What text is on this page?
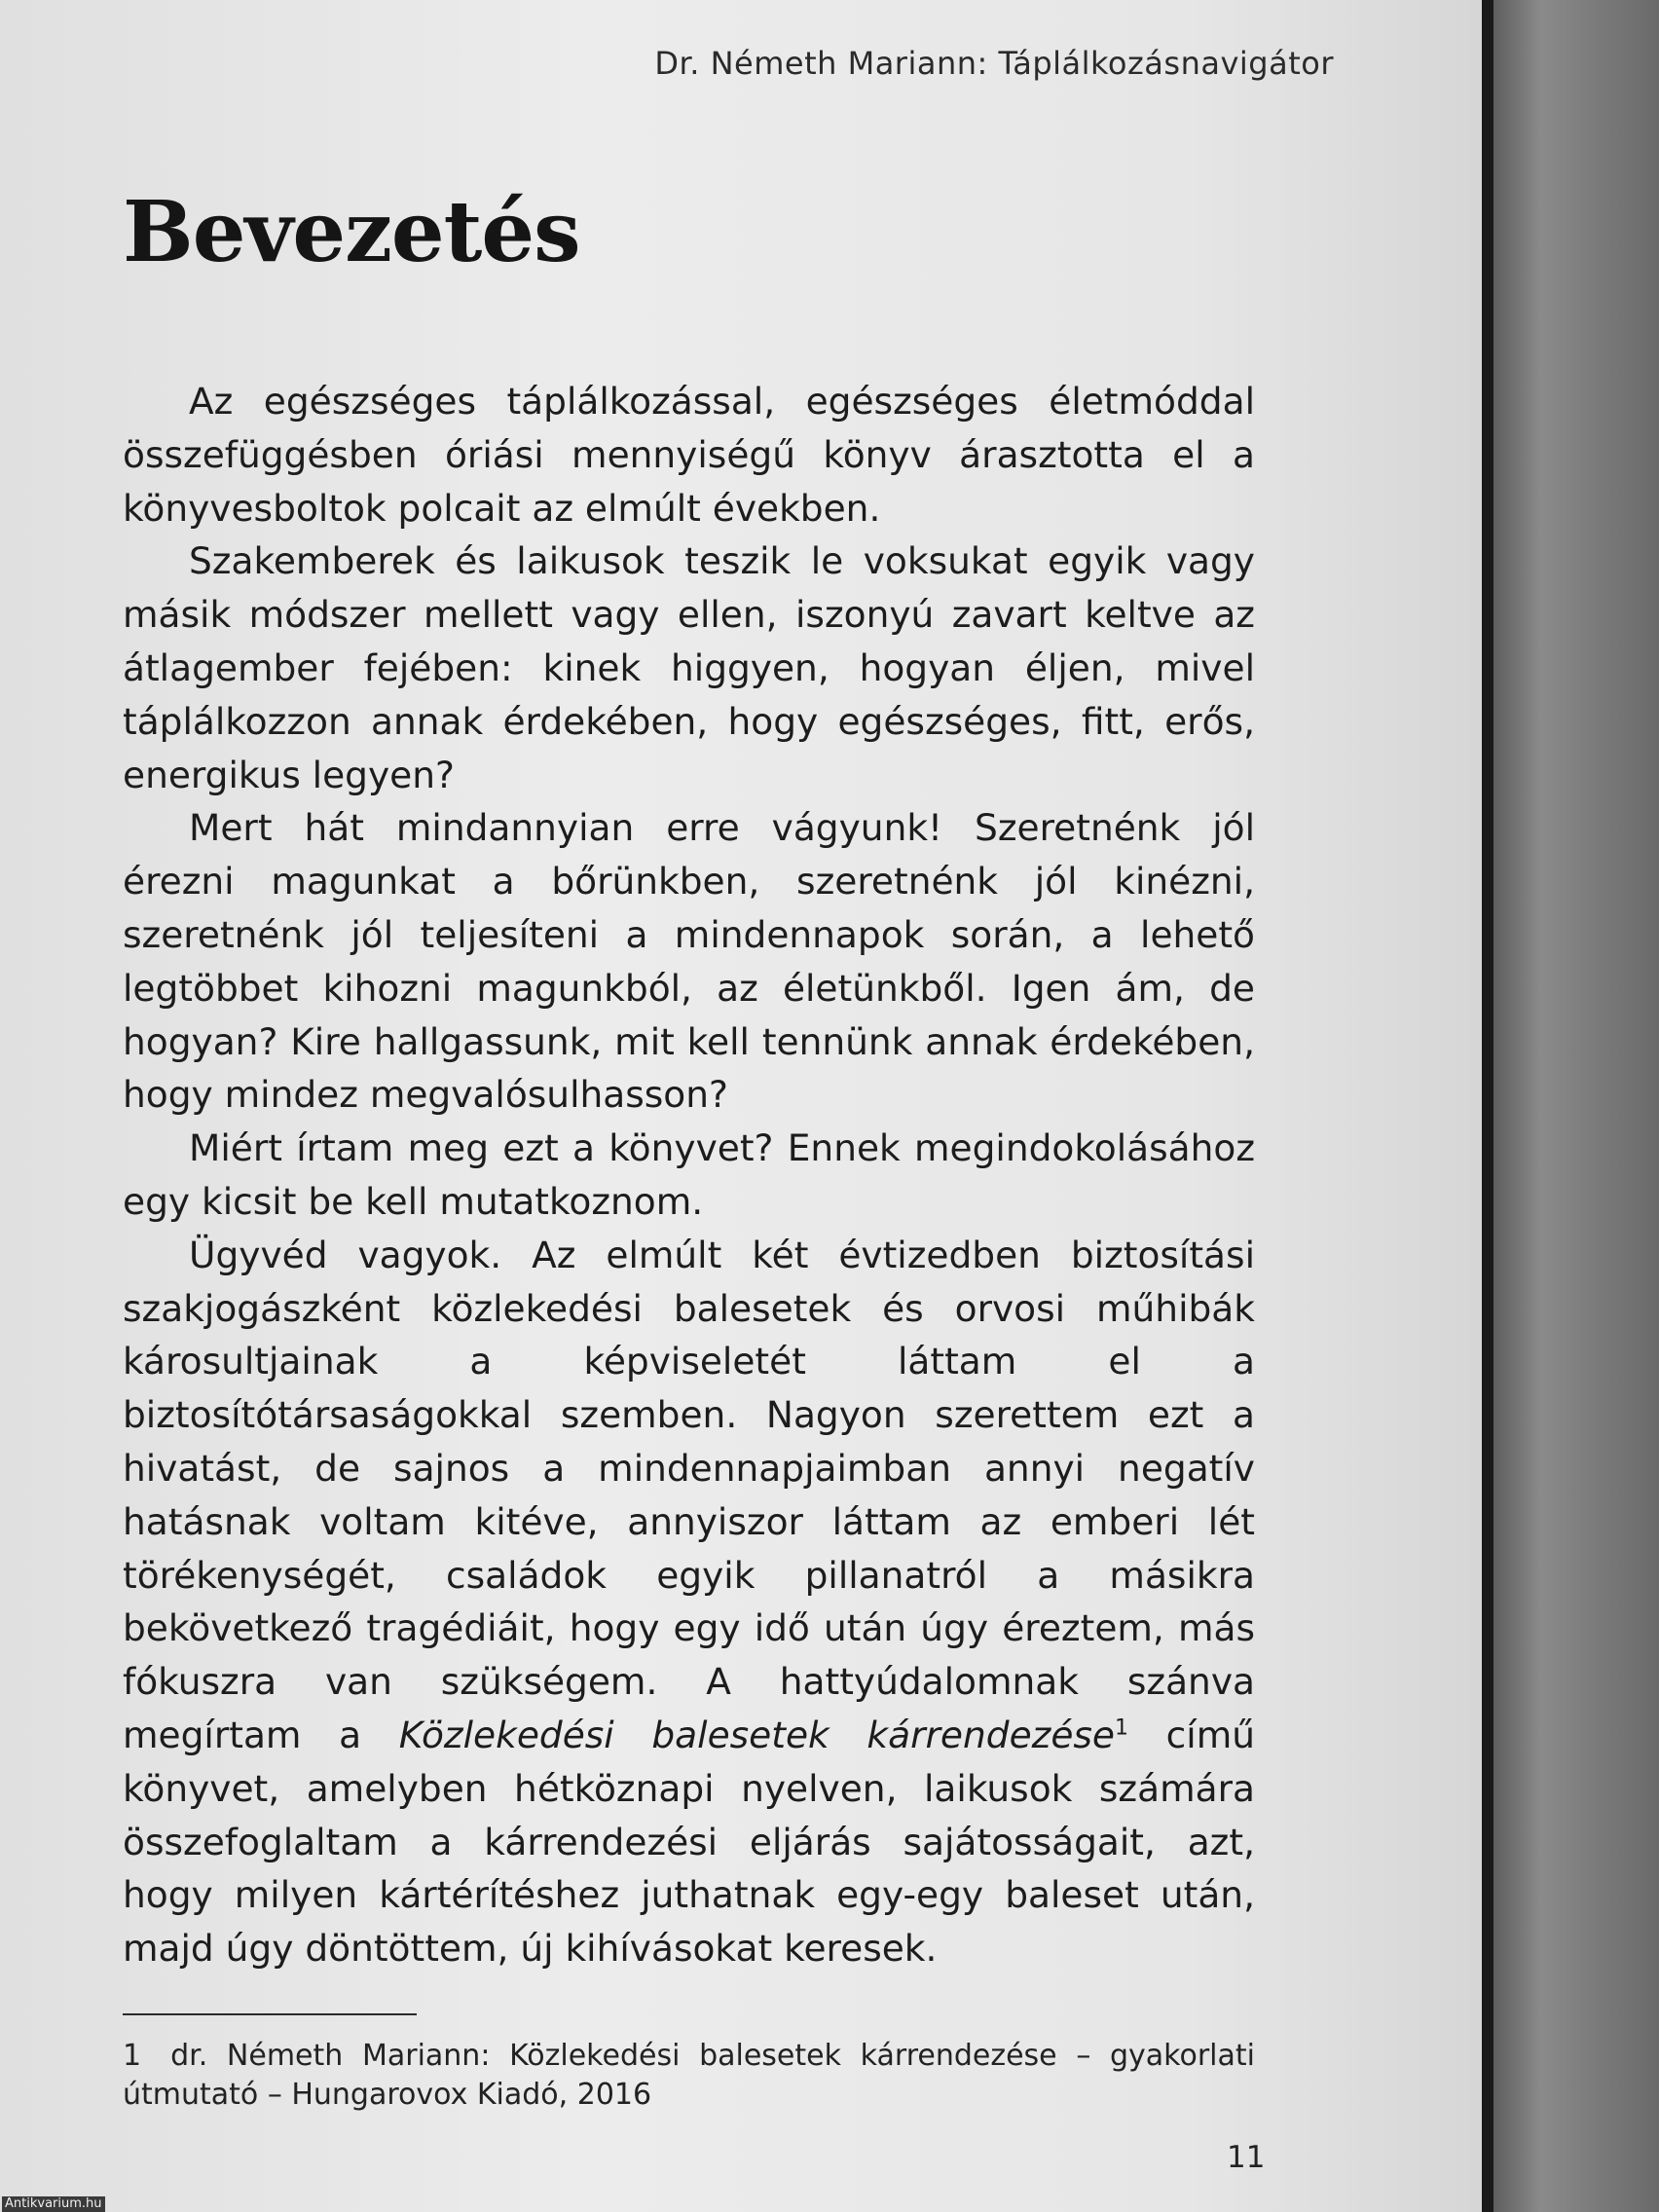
Dr. Németh Mariann: Táplálkozásnavigátor
Bevezetés

Az egészséges táplálkozással, egészséges életmóddal összefüggésben óriási mennyiségű könyv árasztotta el a könyvesboltok polcait az elmúlt években.

Szakemberek és laikusok teszik le voksukat egyik vagy másik módszer mellett vagy ellen, iszonyú zavart keltve az átlagember fejében: kinek higgyen, hogyan éljen, mivel táplálkozzon annak érdekében, hogy egészséges, fitt, erős, energikus legyen?

Mert hát mindannyian erre vágyunk! Szeretnénk jól érezni magunkat a bőrünkben, szeretnénk jól kinézni, szeretnénk jól teljesíteni a mindennapok során, a lehető legtöbbet kihozni magunkból, az életünkből. Igen ám, de hogyan? Kire hallgassunk, mit kell tennünk annak érdekében, hogy mindez megvalósulhasson?

Miért írtam meg ezt a könyvet? Ennek megindokolásához egy kicsit be kell mutatkoznom.

Ügyvéd vagyok. Az elmúlt két évtizedben biztosítási szakjogászként közlekedési balesetek és orvosi műhibák károsultjainak a képviseletét láttam el a biztosítótársaságokkal szemben. Nagyon szerettem ezt a hivatást, de sajnos a mindennapjaimban annyi negatív hatásnak voltam kitéve, annyiszor láttam az emberi lét törékenységét, családok egyik pillanatról a másikra bekövetkező tragédiáit, hogy egy idő után úgy éreztem, más fókuszra van szükségem. A hattyúdalomnak szánva megírtam a Közlekedési balesetek kárrendezése$^1$ című könyvet, amelyben hétköznapi nyelven, laikusok számára összefoglaltam a kárrendezési eljárás sajátosságait, azt, hogy milyen kártérítéshez juthatnak egy-egy baleset után, majd úgy döntöttem, új kihívásokat keresek.

1 dr. Németh Mariann: Közlekedési balesetek kárrendezése – gyakorlati útmutató – Hungarovox Kiadó, 2016
11
Antikvarium.hu
